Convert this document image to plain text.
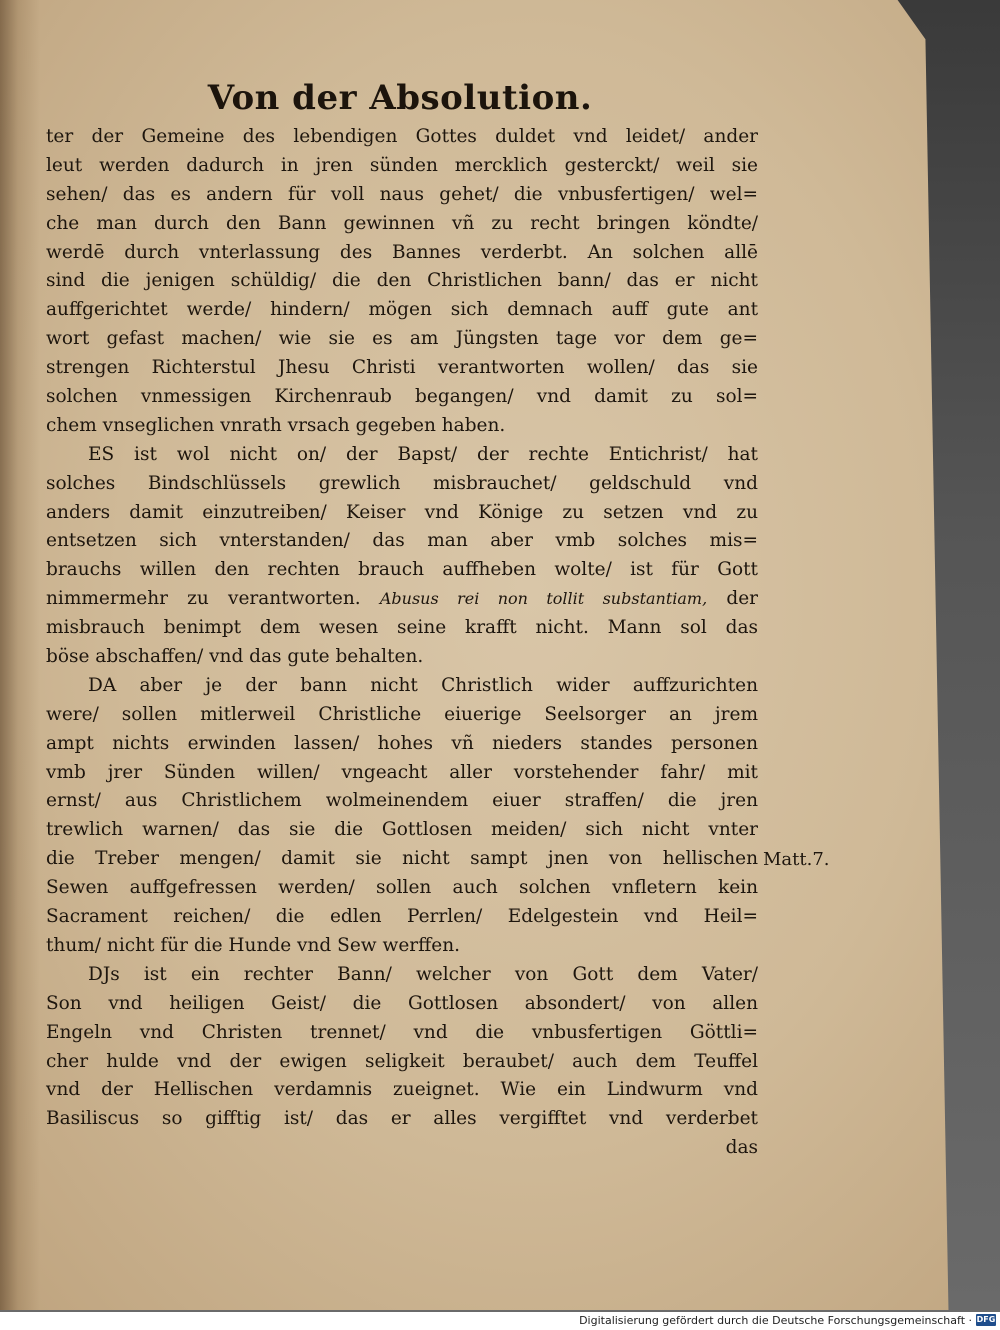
Von der Absolution.
ter der Gemeine des lebendigen Gottes duldet vnd leidet/ ander
leut werden dadurch in jren sünden mercklich gesterckt/ weil sie
sehen/ das es andern für voll naus gehet/ die vnbusfertigen/ wel=
che man durch den Bann gewinnen vñ zu recht bringen köndte/
werdē durch vnterlassung des Bannes verderbt. An solchen allē
sind die jenigen schüldig/ die den Christlichen bann/ das er nicht
auffgerichtet werde/ hindern/ mögen sich demnach auff gute ant
wort gefast machen/ wie sie es am Jüngsten tage vor dem ge=
strengen Richterstul Jhesu Christi verantworten wollen/ das sie
solchen vnmessigen Kirchenraub begangen/ vnd damit zu sol=
chem vnseglichen vnrath vrsach gegeben haben.
ES ist wol nicht on/ der Bapst/ der rechte Entichrist/ hat
solches Bindschlüssels grewlich misbrauchet/ geldschuld vnd
anders damit einzutreiben/ Keiser vnd Könige zu setzen vnd zu
entsetzen sich vnterstanden/ das man aber vmb solches mis=
brauchs willen den rechten brauch auffheben wolte/ ist für Gott
nimmermehr zu verantworten. Abusus rei non tollit substantiam, der
misbrauch benimpt dem wesen seine krafft nicht. Mann sol das
böse abschaffen/ vnd das gute behalten.
DA aber je der bann nicht Christlich wider auffzurichten
were/ sollen mitlerweil Christliche eiuerige Seelsorger an jrem
ampt nichts erwinden lassen/ hohes vñ nieders standes personen
vmb jrer Sünden willen/ vngeacht aller vorstehender fahr/ mit
ernst/ aus Christlichem wolmeinendem eiuer straffen/ die jren
trewlich warnen/ das sie die Gottlosen meiden/ sich nicht vnter
die Treber mengen/ damit sie nicht sampt jnen von hellischen
Sewen auffgefressen werden/ sollen auch solchen vnfletern kein
Sacrament reichen/ die edlen Perrlen/ Edelgestein vnd Heil=
thum/ nicht für die Hunde vnd Sew werffen.
DJs ist ein rechter Bann/ welcher von Gott dem Vater/
Son vnd heiligen Geist/ die Gottlosen absondert/ von allen
Engeln vnd Christen trennet/ vnd die vnbusfertigen Göttli=
cher hulde vnd der ewigen seligkeit beraubet/ auch dem Teuffel
vnd der Hellischen verdamnis zueignet. Wie ein Lindwurm vnd
Basiliscus so gifftig ist/ das er alles vergifftet vnd verderbet
das
Matt.7.
Digitalisierung gefördert durch die Deutsche Forschungsgemeinschaft · DFG
